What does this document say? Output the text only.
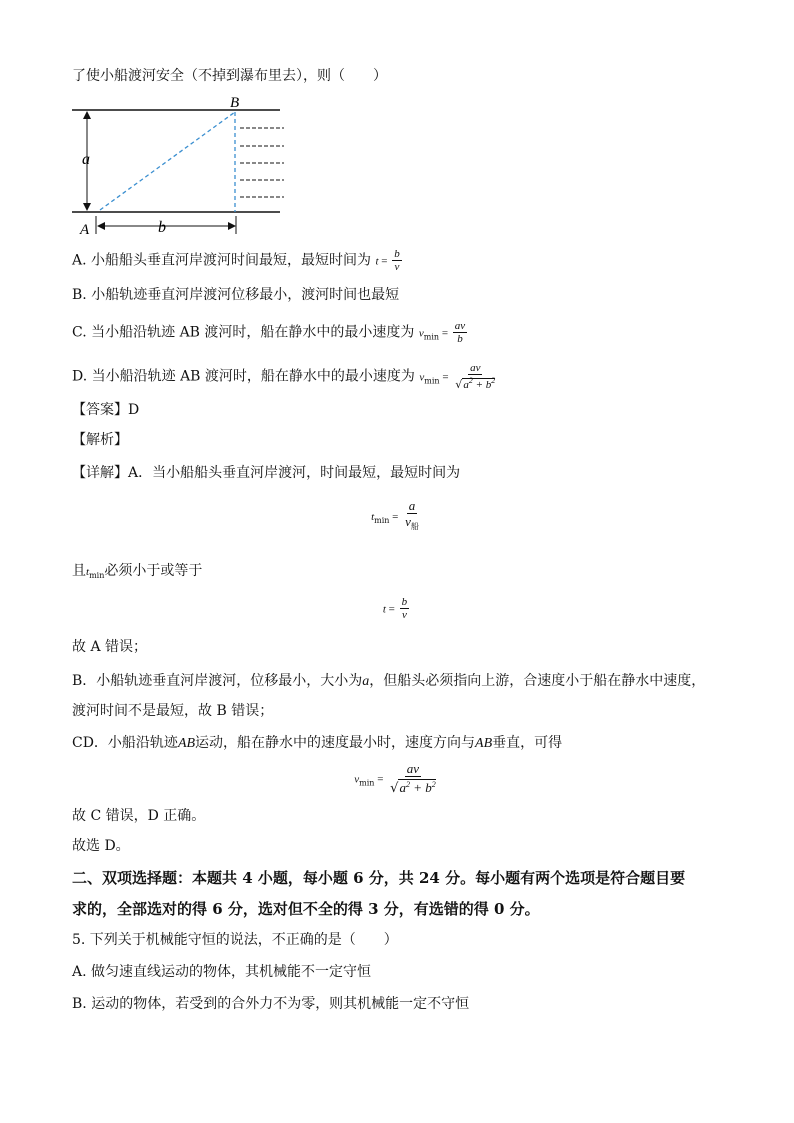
了使小船渡河安全（不掉到瀑布里去），则（　　）
a
b
B
A
A. 小船船头垂直河岸渡河时间最短，最短时间为 $t = \frac{b}{v}$
B. 小船轨迹垂直河岸渡河位移最小，渡河时间也最短
C. 当小船沿轨迹 AB 渡河时，船在静水中的最小速度为 $v_{min} = \frac{av}{b}$
D. 当小船沿轨迹 AB 渡河时，船在静水中的最小速度为 $v_{min} = \frac{av}{√a^2 + b^2}$
【答案】D
【解析】
【详解】A．当小船船头垂直河岸渡河，时间最短，最短时间为
$t_{min} = \frac{a}{v_船}$
且$t_{min}$必须小于或等于
$t = \frac{b}{v}$
故 A 错误；
B．小船轨迹垂直河岸渡河，位移最小，大小为a，但船头必须指向上游，合速度小于船在静水中速度，
渡河时间不是最短，故 B 错误；
CD．小船沿轨迹AB运动，船在静水中的速度最小时，速度方向与AB垂直，可得
$v_{min} = \frac{av}{√a^2 + b^2}$
故 C 错误，D 正确。
故选 D。
二、双项选择题：本题共 4 小题，每小题 6 分，共 24 分。每小题有两个选项是符合题目要
求的，全部选对的得 6 分，选对但不全的得 3 分，有选错的得 0 分。
5. 下列关于机械能守恒的说法，不正确的是（　　）
A. 做匀速直线运动的物体，其机械能不一定守恒
B. 运动的物体，若受到的合外力不为零，则其机械能一定不守恒
